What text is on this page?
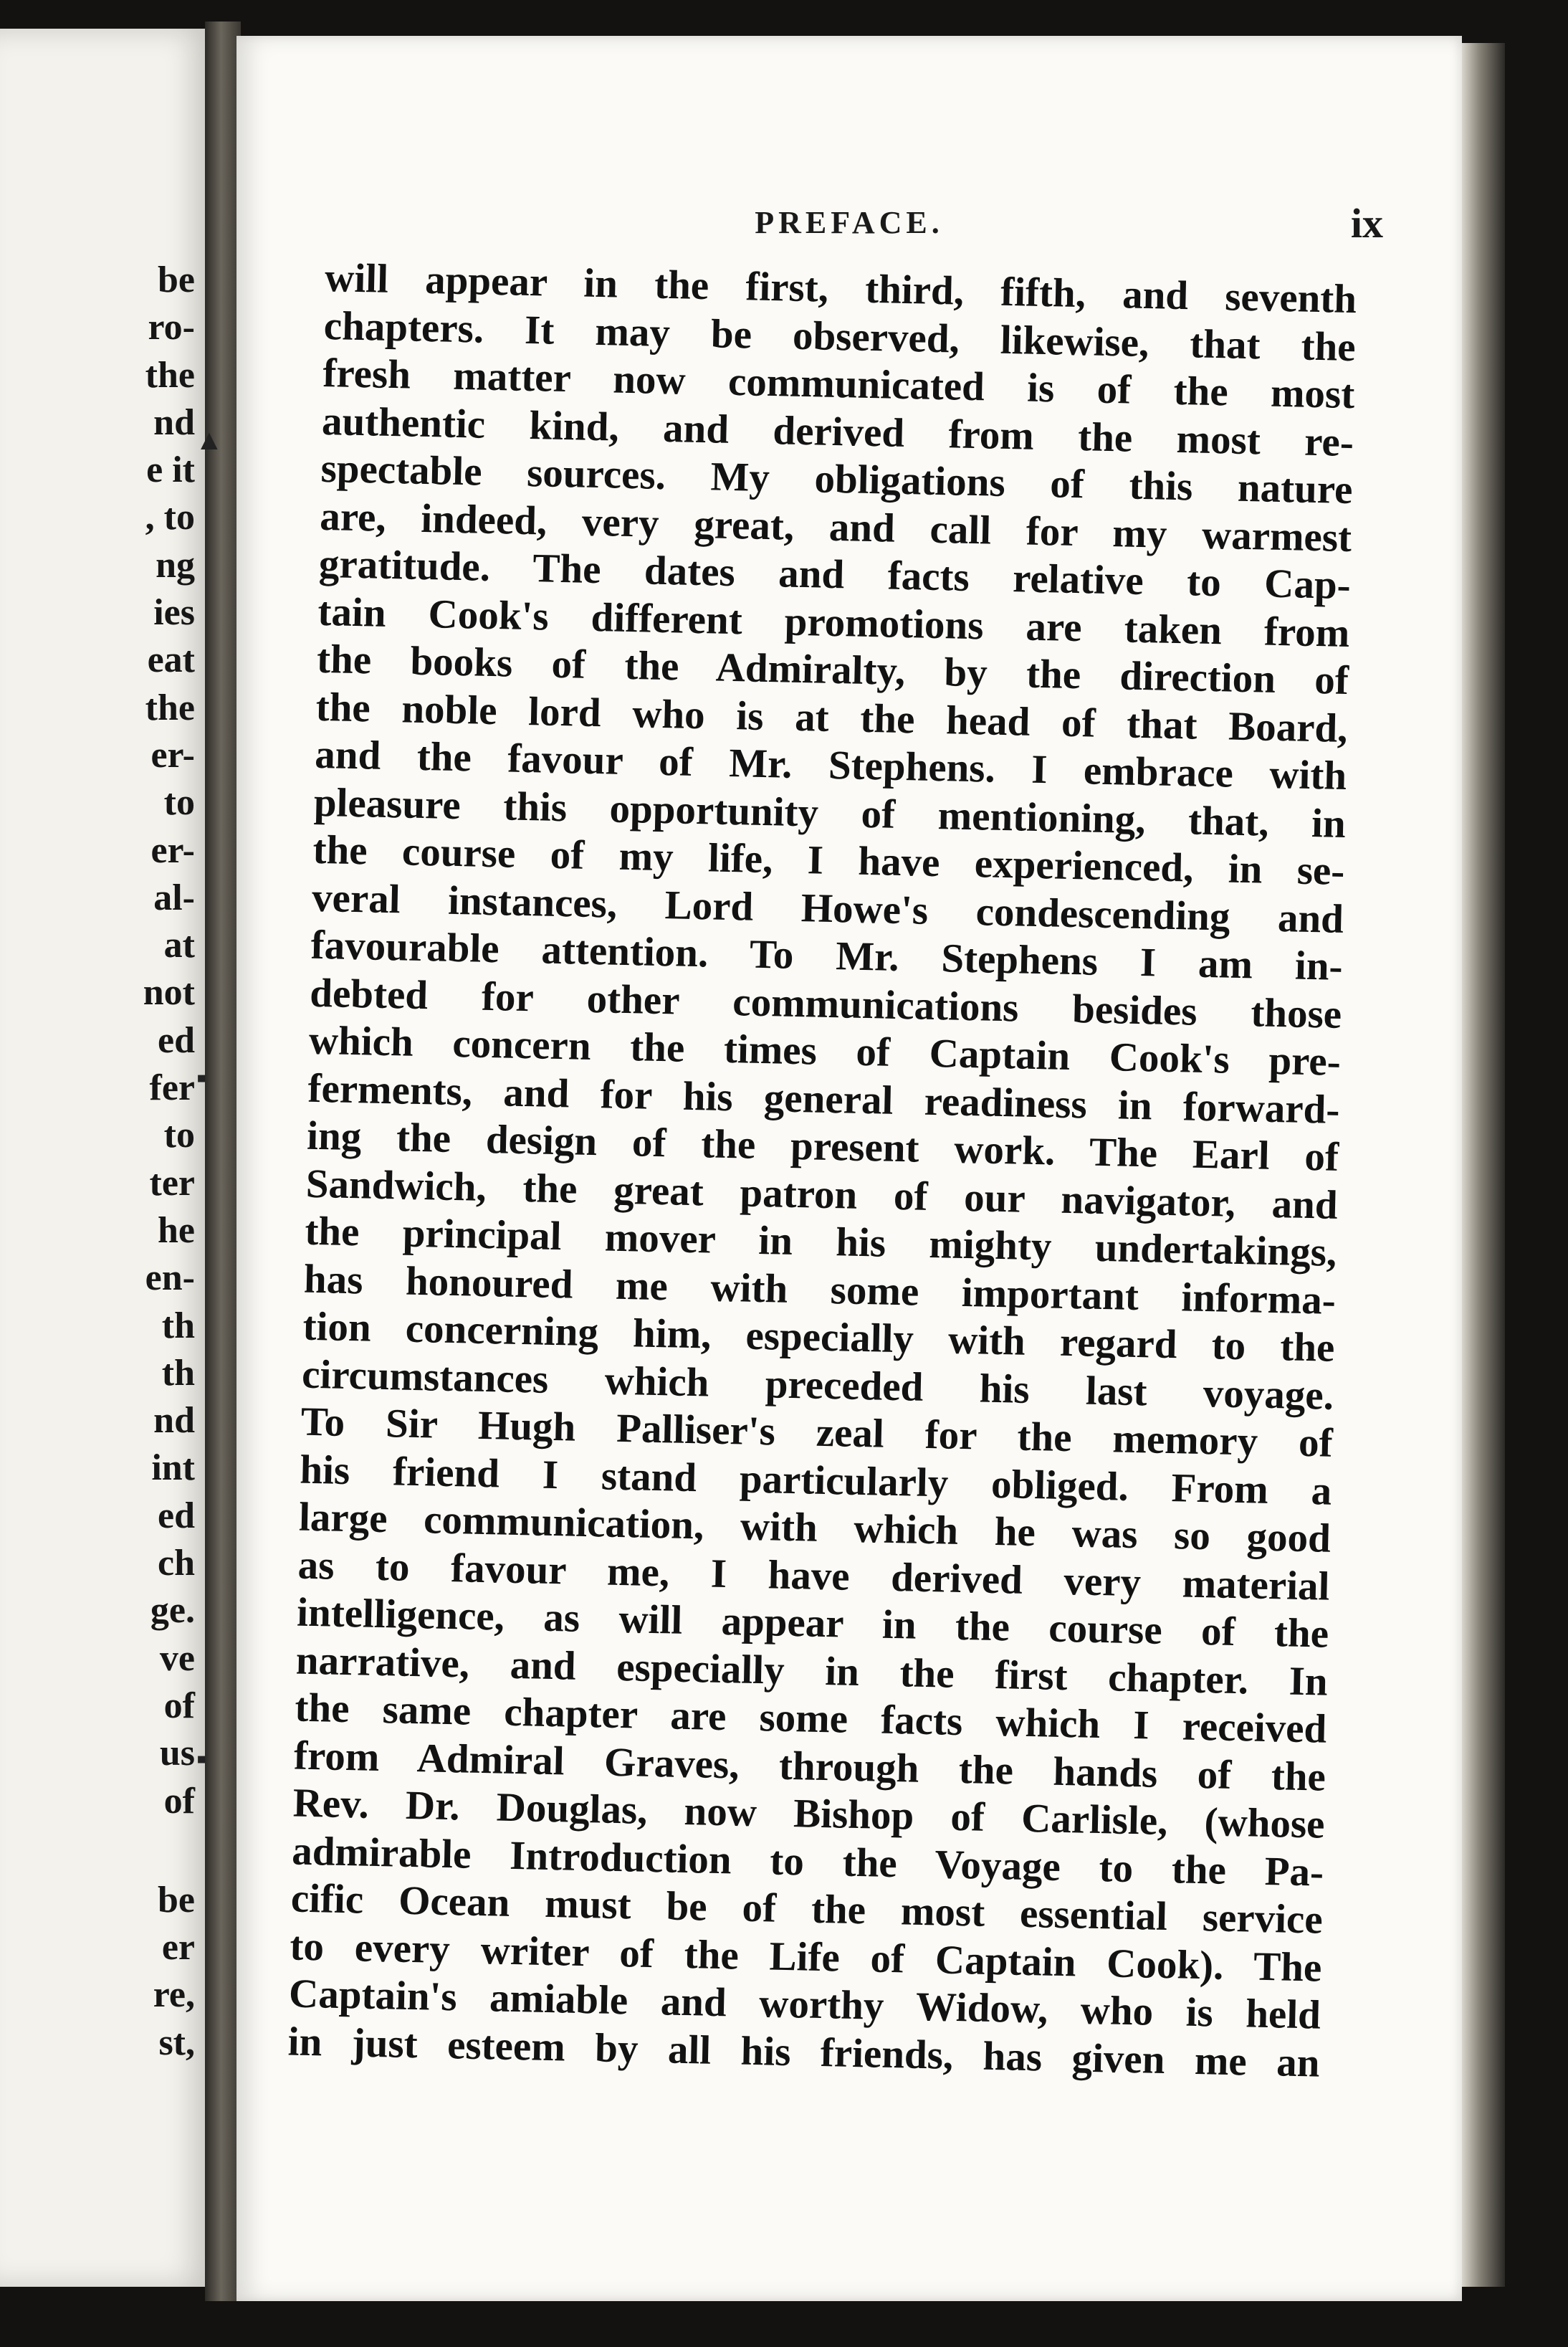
be
ro-
the
nd
e it
, to
ng
ies
eat
the
er-
to
er-
al-
at
not
ed
fer
to
ter
he
en-
th
th
nd
int
ed
ch
ge.
ve
of
us
of
be
er
re,
st,
▲
▪
▪
PREFACE.	ix
will appear in the first, third, fifth, and seventh
chapters. It may be observed, likewise, that the
fresh matter now communicated is of the most
authentic kind, and derived from the most re-
spectable sources. My obligations of this nature
are, indeed, very great, and call for my warmest
gratitude. The dates and facts relative to Cap-
tain Cook's different promotions are taken from
the books of the Admiralty, by the direction of
the noble lord who is at the head of that Board,
and the favour of Mr. Stephens. I embrace with
pleasure this opportunity of mentioning, that, in
the course of my life, I have experienced, in se-
veral instances, Lord Howe's condescending and
favourable attention. To Mr. Stephens I am in-
debted for other communications besides those
which concern the times of Captain Cook's pre-
ferments, and for his general readiness in forward-
ing the design of the present work. The Earl of
Sandwich, the great patron of our navigator, and
the principal mover in his mighty undertakings,
has honoured me with some important informa-
tion concerning him, especially with regard to the
circumstances which preceded his last voyage.
To Sir Hugh Palliser's zeal for the memory of
his friend I stand particularly obliged. From a
large communication, with which he was so good
as to favour me, I have derived very material
intelligence, as will appear in the course of the
narrative, and especially in the first chapter. In
the same chapter are some facts which I received
from Admiral Graves, through the hands of the
Rev. Dr. Douglas, now Bishop of Carlisle, (whose
admirable Introduction to the Voyage to the Pa-
cific Ocean must be of the most essential service
to every writer of the Life of Captain Cook). The
Captain's amiable and worthy Widow, who is held
in just esteem by all his friends, has given me an
